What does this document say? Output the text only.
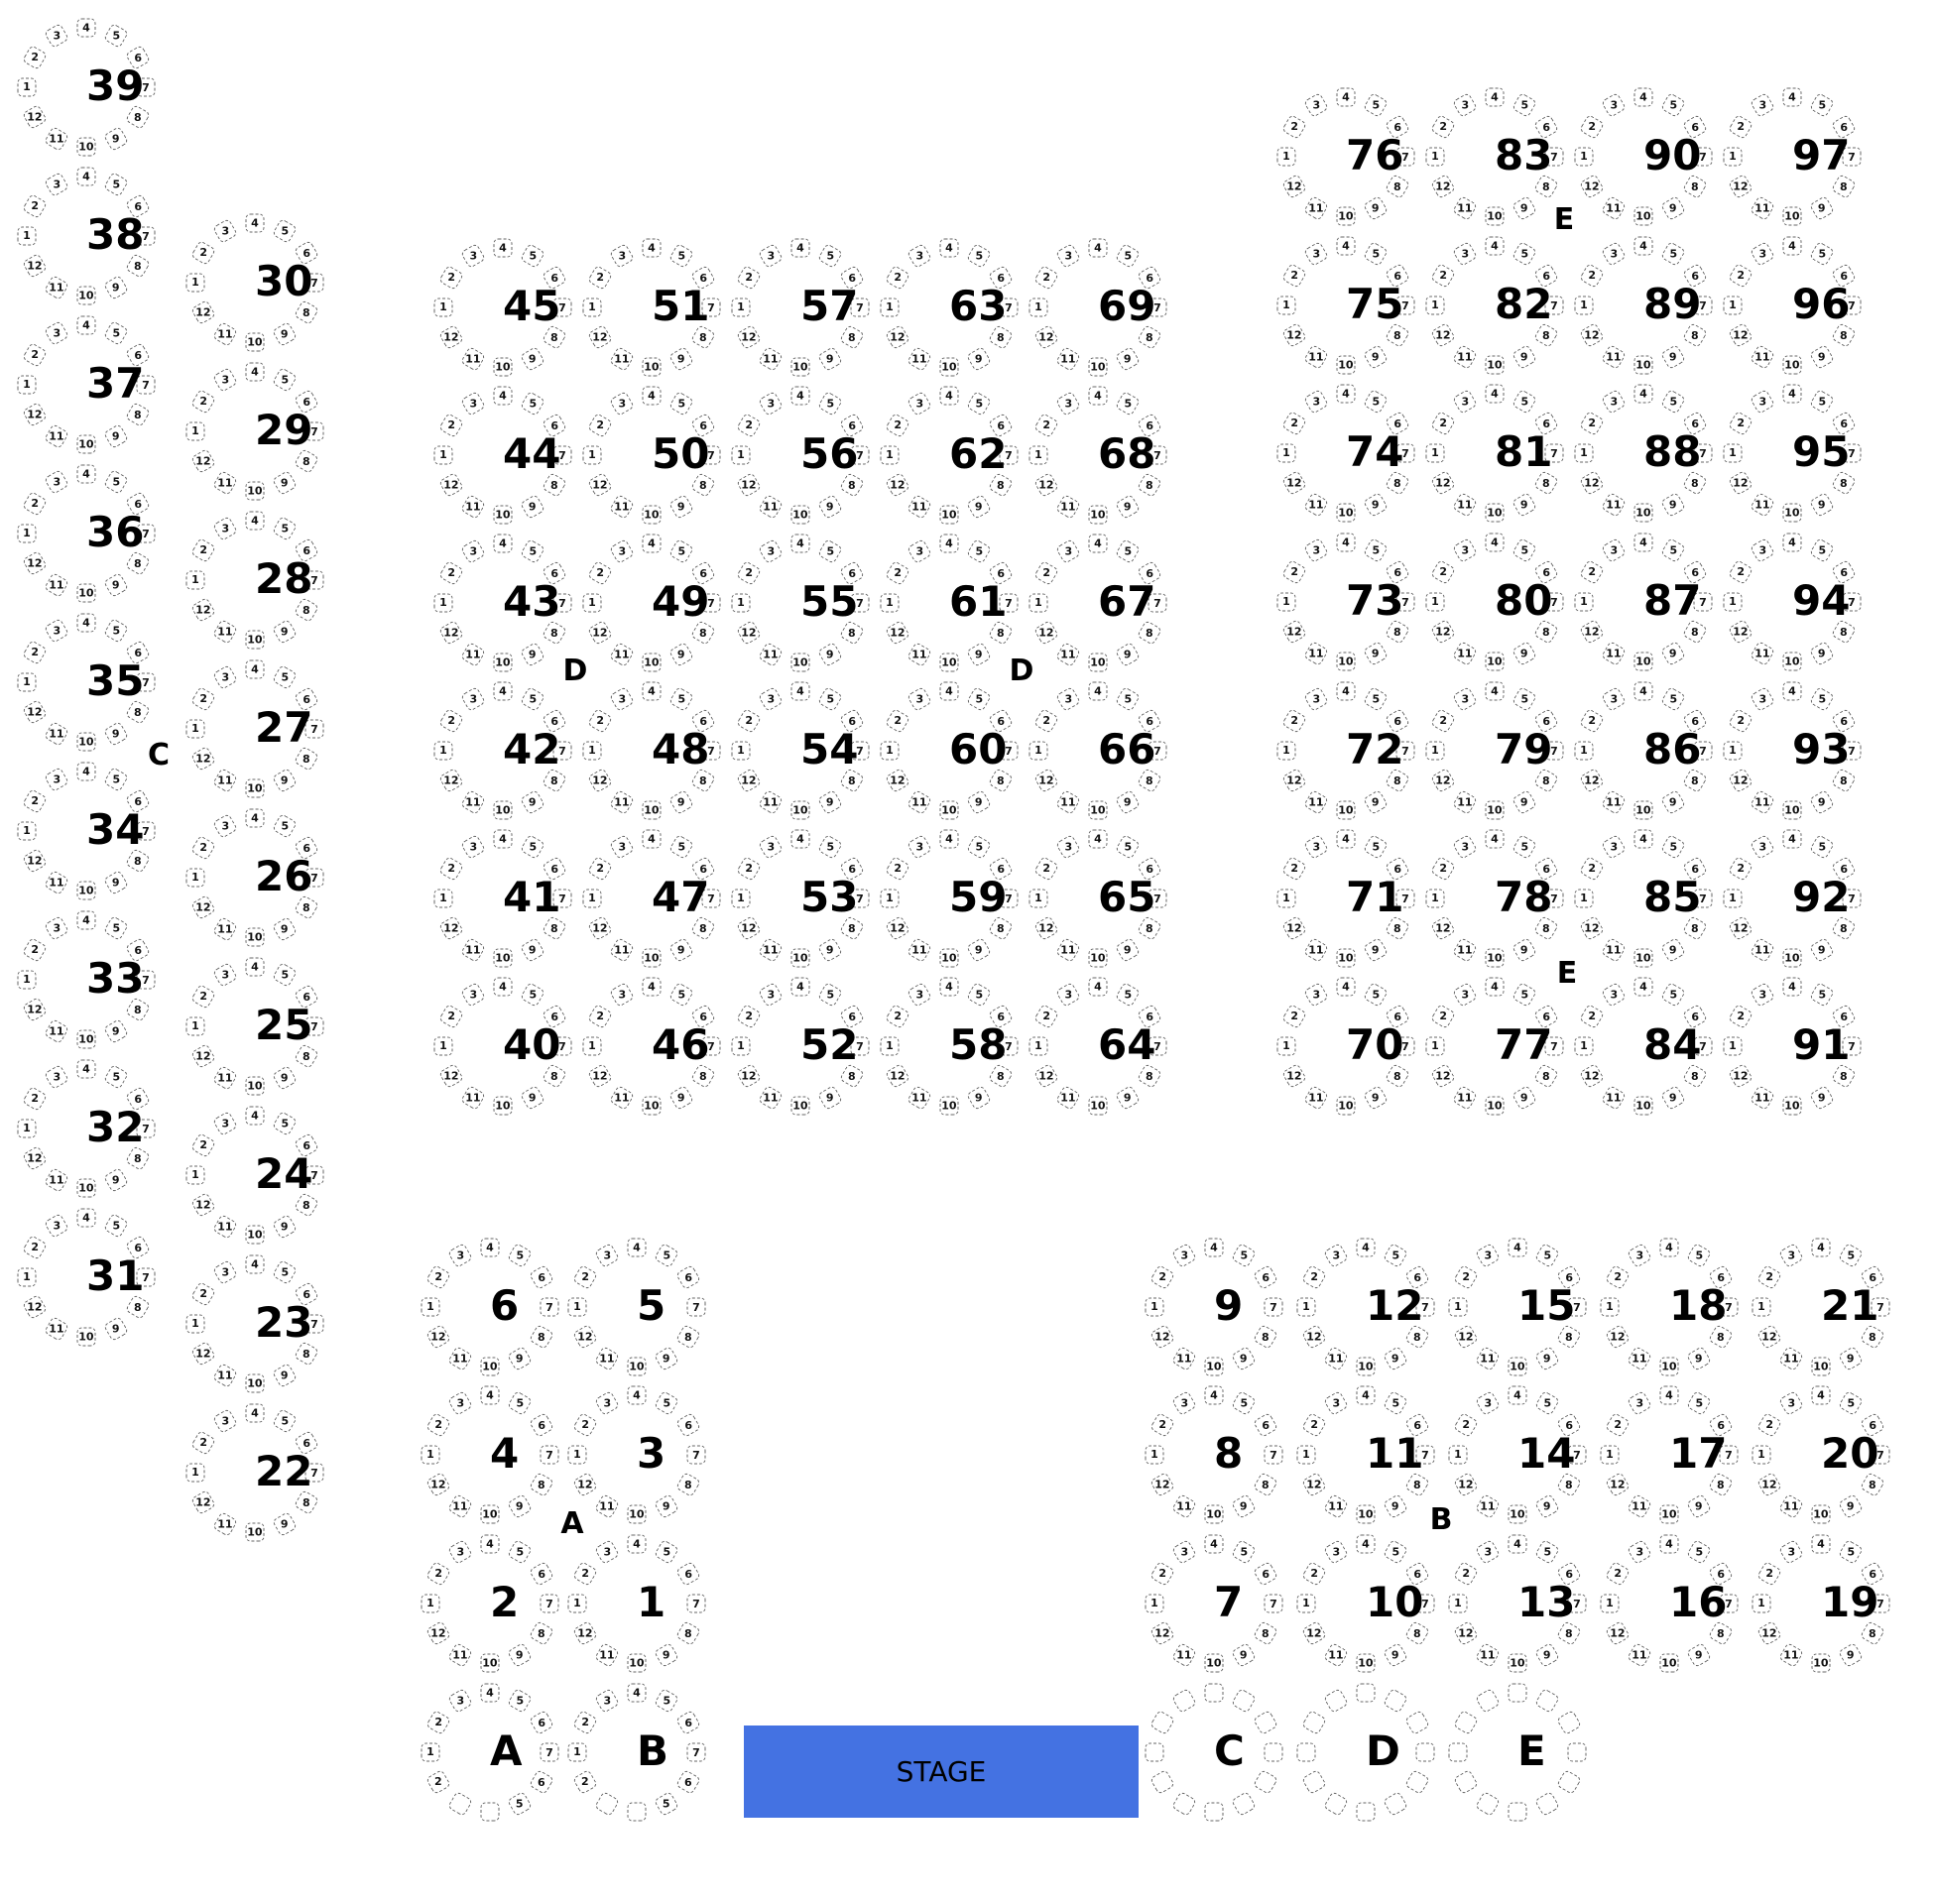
STAGE
1
2
3
4
5
6
7
8
9
10
11
12
39
1
2
3
4
5
6
7
8
9
10
11
12
38
1
2
3
4
5
6
7
8
9
10
11
12
37
1
2
3
4
5
6
7
8
9
10
11
12
36
1
2
3
4
5
6
7
8
9
10
11
12
35
1
2
3
4
5
6
7
8
9
10
11
12
34
1
2
3
4
5
6
7
8
9
10
11
12
33
1
2
3
4
5
6
7
8
9
10
11
12
32
1
2
3
4
5
6
7
8
9
10
11
12
31
1
2
3
4
5
6
7
8
9
10
11
12
30
1
2
3
4
5
6
7
8
9
10
11
12
29
1
2
3
4
5
6
7
8
9
10
11
12
28
1
2
3
4
5
6
7
8
9
10
11
12
27
1
2
3
4
5
6
7
8
9
10
11
12
26
1
2
3
4
5
6
7
8
9
10
11
12
25
1
2
3
4
5
6
7
8
9
10
11
12
24
1
2
3
4
5
6
7
8
9
10
11
12
23
1
2
3
4
5
6
7
8
9
10
11
12
22
1
2
3
4
5
6
7
8
9
10
11
12
45	1
2
3
4
5
6
7
8
9
10
11
12
51	1
2
3
4
5
6
7
8
9
10
11
12
57	1
2
3
4
5
6
7
8
9
10
11
12
63	1
2
3
4
5
6
7
8
9
10
11
12
69
1
2
3
4
5
6
7
8
9
10
11
12
44	1
2
3
4
5
6
7
8
9
10
11
12
50	1
2
3
4
5
6
7
8
9
10
11
12
56	1
2
3
4
5
6
7
8
9
10
11
12
62	1
2
3
4
5
6
7
8
9
10
11
12
68
1
2
3
4
5
6
7
8
9
10
11
12
43	1
2
3
4
5
6
7
8
9
10
11
12
49	1
2
3
4
5
6
7
8
9
10
11
12
55	1
2
3
4
5
6
7
8
9
10
11
12
61	1
2
3
4
5
6
7
8
9
10
11
12
67
1
2
3
4
5
6
7
8
9
10
11
12
42	1
2
3
4
5
6
7
8
9
10
11
12
48	1
2
3
4
5
6
7
8
9
10
11
12
54	1
2
3
4
5
6
7
8
9
10
11
12
60	1
2
3
4
5
6
7
8
9
10
11
12
66
1
2
3
4
5
6
7
8
9
10
11
12
41	1
2
3
4
5
6
7
8
9
10
11
12
47	1
2
3
4
5
6
7
8
9
10
11
12
53	1
2
3
4
5
6
7
8
9
10
11
12
59	1
2
3
4
5
6
7
8
9
10
11
12
65
1
2
3
4
5
6
7
8
9
10
11
12
40	1
2
3
4
5
6
7
8
9
10
11
12
46	1
2
3
4
5
6
7
8
9
10
11
12
52	1
2
3
4
5
6
7
8
9
10
11
12
58	1
2
3
4
5
6
7
8
9
10
11
12
64
1
2
3
4
5
6
7
8
9
10
11
12
76	1
2
3
4
5
6
7
8
9
10
11
12
83	1
2
3
4
5
6
7
8
9
10
11
12
90	1
2
3
4
5
6
7
8
9
10
11
12
97
1
2
3
4
5
6
7
8
9
10
11
12
75	1
2
3
4
5
6
7
8
9
10
11
12
82	1
2
3
4
5
6
7
8
9
10
11
12
89	1
2
3
4
5
6
7
8
9
10
11
12
96
1
2
3
4
5
6
7
8
9
10
11
12
74	1
2
3
4
5
6
7
8
9
10
11
12
81	1
2
3
4
5
6
7
8
9
10
11
12
88	1
2
3
4
5
6
7
8
9
10
11
12
95
1
2
3
4
5
6
7
8
9
10
11
12
73	1
2
3
4
5
6
7
8
9
10
11
12
80	1
2
3
4
5
6
7
8
9
10
11
12
87	1
2
3
4
5
6
7
8
9
10
11
12
94
1
2
3
4
5
6
7
8
9
10
11
12
72	1
2
3
4
5
6
7
8
9
10
11
12
79	1
2
3
4
5
6
7
8
9
10
11
12
86	1
2
3
4
5
6
7
8
9
10
11
12
93
1
2
3
4
5
6
7
8
9
10
11
12
71	1
2
3
4
5
6
7
8
9
10
11
12
78	1
2
3
4
5
6
7
8
9
10
11
12
85	1
2
3
4
5
6
7
8
9
10
11
12
92
1
2
3
4
5
6
7
8
9
10
11
12
70	1
2
3
4
5
6
7
8
9
10
11
12
77	1
2
3
4
5
6
7
8
9
10
11
12
84	1
2
3
4
5
6
7
8
9
10
11
12
91
1
2
3
4
5
6
7
8
9
10
11
12
6	1
2
3
4
5
6
7
8
9
10
11
12
5
1
2
3
4
5
6
7
8
9
10
11
12
4	1
2
3
4
5
6
7
8
9
10
11
12
3
1
2
3
4
5
6
7
8
9
10
11
12
2	1
2
3
4
5
6
7
8
9
10
11
12
1
1
2
3
4
5
6
7
6
5
2
A	1
2
3
4
5
6
7
6
5
2
B
1
2
3
4
5
6
7
8
9
10
11
12
9	1
2
3
4
5
6
7
8
9
10
11
12
12	1
2
3
4
5
6
7
8
9
10
11
12
15	1
2
3
4
5
6
7
8
9
10
11
12
18	1
2
3
4
5
6
7
8
9
10
11
12
21
1
2
3
4
5
6
7
8
9
10
11
12
8	1
2
3
4
5
6
7
8
9
10
11
12
11	1
2
3
4
5
6
7
8
9
10
11
12
14	1
2
3
4
5
6
7
8
9
10
11
12
17	1
2
3
4
5
6
7
8
9
10
11
12
20
1
2
3
4
5
6
7
8
9
10
11
12
7	1
2
3
4
5
6
7
8
9
10
11
12
10	1
2
3
4
5
6
7
8
9
10
11
12
13	1
2
3
4
5
6
7
8
9
10
11
12
16	1
2
3
4
5
6
7
8
9
10
11
12
19
C	D	E
C
D	D
E
E
A	B
